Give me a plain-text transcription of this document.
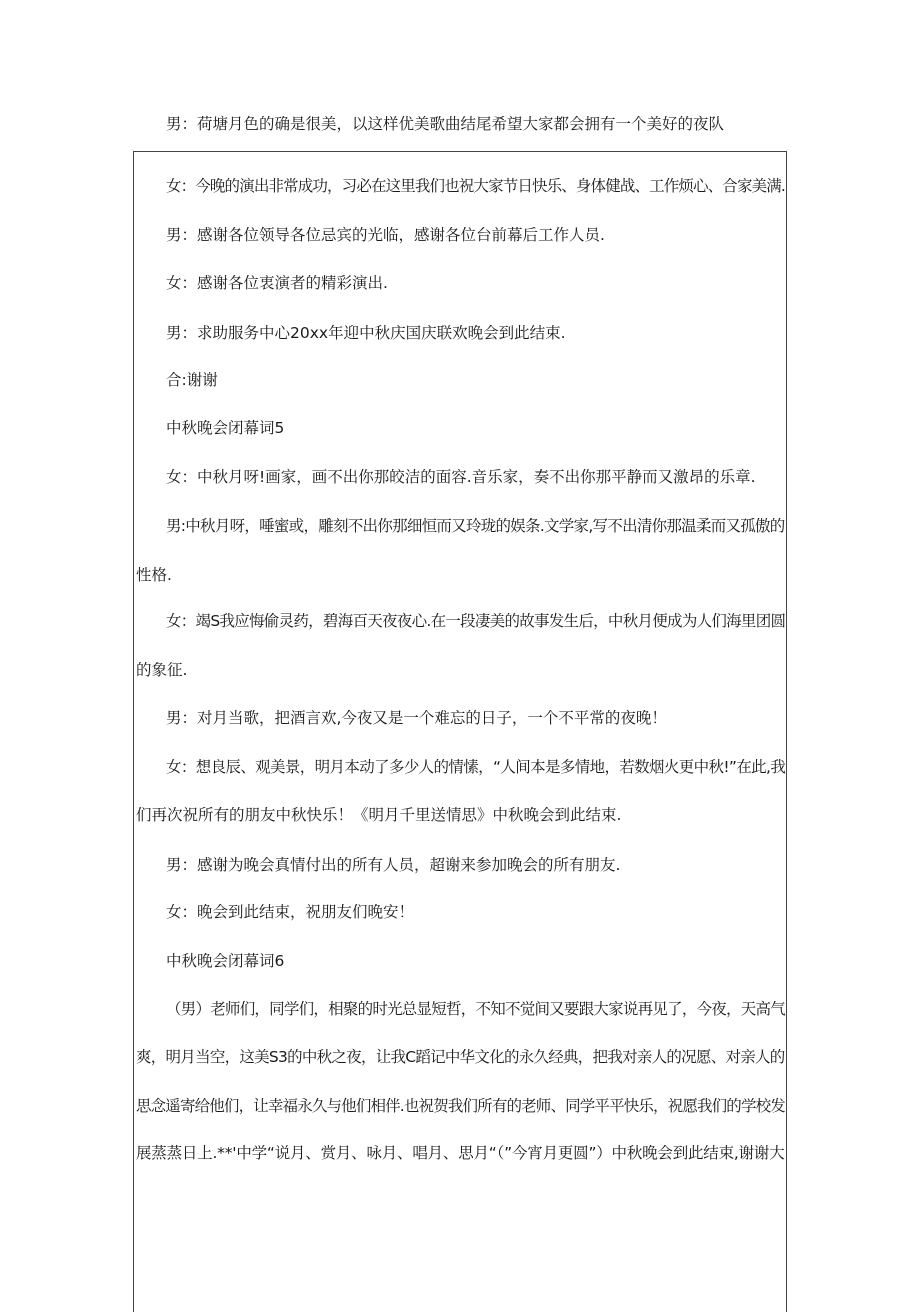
男：荷塘月色的确是很美，以这样优美歌曲结尾希望大家都会拥有一个美好的夜队
女：今晚的演出非常成功，习必在这里我们也祝大家节日快乐、身体健战、工作烦心、合家美满.
男：感谢各位领导各位忌宾的光临，感谢各位台前幕后工作人员.
女：感谢各位衷演者的精彩演出.
男：求助服务中心20xx年迎中秋庆国庆联欢晚会到此结束.
合:谢谢
中秋晚会闭幕词5
女：中秋月呀!画家，画不出你那皎洁的面容.音乐家，奏不出你那平静而又激昂的乐章.
男:中秋月呀，唾蜜或，雕刻不出你那细恒而又玲珑的娱条.文学家,写不出清你那温柔而又孤傲的
性格.
女：竭S我应悔偷灵药，碧海百天夜夜心.在一段凄美的故事发生后，中秋月便成为人们海里团圆
的象征.
男：对月当歌，把酒言欢,今夜又是一个难忘的日子，一个不平常的夜晚！
女：想良辰、观美景，明月本动了多少人的情愫，“人间本是多情地，若数烟火更中秋!”在此,我
们再次祝所有的朋友中秋快乐！《明月千里送情思》中秋晚会到此结束.
男：感谢为晚会真情付出的所有人员，超谢来参加晚会的所有朋友.
女：晚会到此结束，祝朋友们晚安！
中秋晚会闭幕词6
（男）老师们，同学们，相聚的时光总显短哲，不知不觉间又要跟大家说再见了，今夜，天高气
爽，明月当空，这美S3的中秋之夜，让我C蹈记中华文化的永久经典，把我对亲人的况愿、对亲人的
思念遥寄给他们，让幸福永久与他们相伴.也祝贺我们所有的老师、同学平平快乐，祝愿我们的学校发
展蒸蒸日上.**'中学“说月、赏月、咏月、唱月、思月“（”今宵月更圆”）中秋晚会到此结束,谢谢大
